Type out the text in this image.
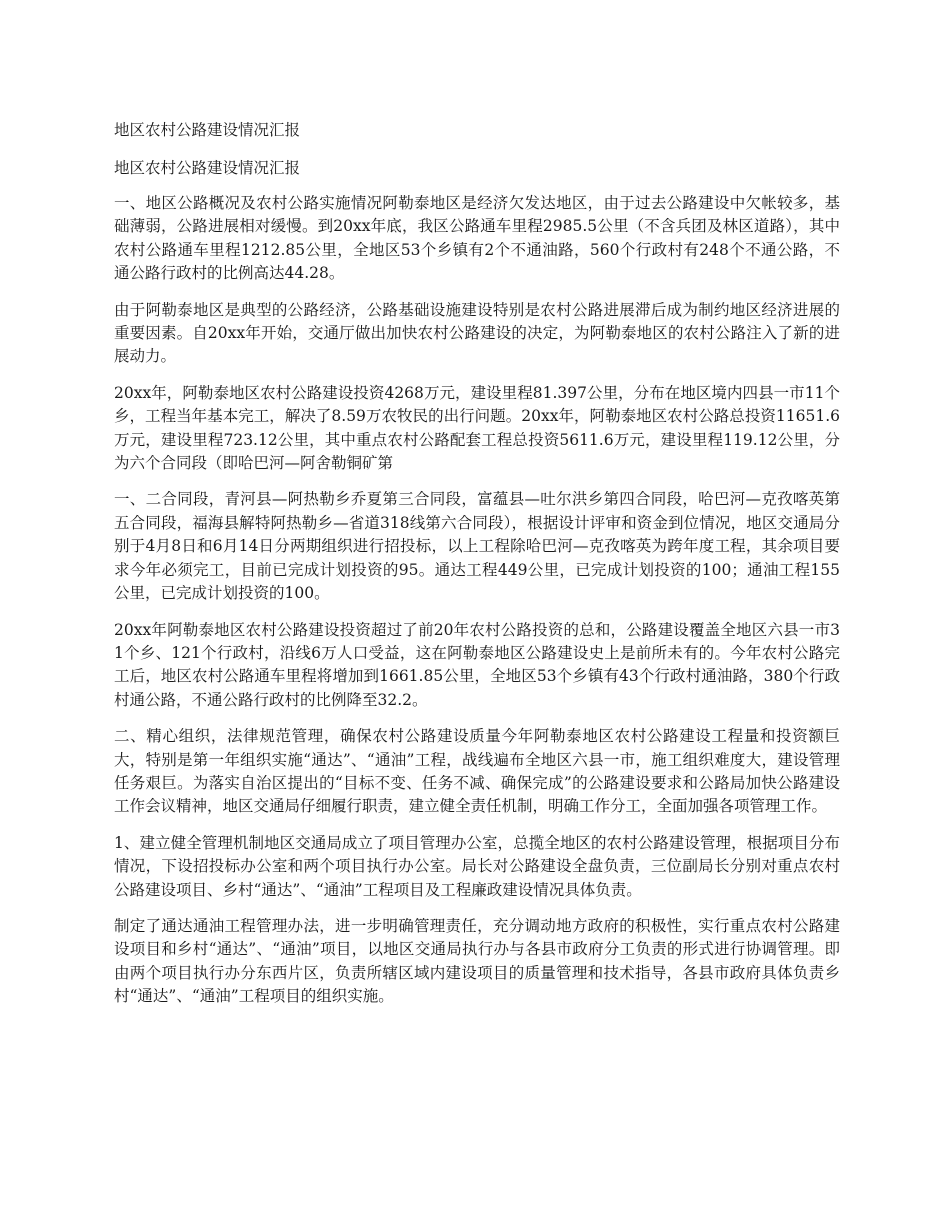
地区农村公路建设情况汇报
地区农村公路建设情况汇报

一、地区公路概况及农村公路实施情况阿勒泰地区是经济欠发达地区，由于过去公路建设中欠帐较多，基础薄弱，公路进展相对缓慢。到20xx年底，我区公路通车里程2985.5公里（不含兵团及林区道路），其中农村公路通车里程1212.85公里，全地区53个乡镇有2个不通油路，560个行政村有248个不通公路，不通公路行政村的比例高达44.28。

由于阿勒泰地区是典型的公路经济，公路基础设施建设特别是农村公路进展滞后成为制约地区经济进展的重要因素。自20xx年开始，交通厅做出加快农村公路建设的决定，为阿勒泰地区的农村公路注入了新的进展动力。

20xx年，阿勒泰地区农村公路建设投资4268万元，建设里程81.397公里，分布在地区境内四县一市11个乡，工程当年基本完工，解决了8.59万农牧民的出行问题。20xx年，阿勒泰地区农村公路总投资11651.6万元，建设里程723.12公里，其中重点农村公路配套工程总投资5611.6万元，建设里程119.12公里，分为六个合同段（即哈巴河—阿舍勒铜矿第

一、二合同段，青河县—阿热勒乡乔夏第三合同段，富蕴县—吐尔洪乡第四合同段，哈巴河—克孜喀英第五合同段，福海县解特阿热勒乡—省道318线第六合同段），根据设计评审和资金到位情况，地区交通局分别于4月8日和6月14日分两期组织进行招投标，以上工程除哈巴河—克孜喀英为跨年度工程，其余项目要求今年必须完工，目前已完成计划投资的95。通达工程449公里，已完成计划投资的100；通油工程155公里，已完成计划投资的100。

20xx年阿勒泰地区农村公路建设投资超过了前20年农村公路投资的总和，公路建设覆盖全地区六县一市31个乡、121个行政村，沿线6万人口受益，这在阿勒泰地区公路建设史上是前所未有的。今年农村公路完工后，地区农村公路通车里程将增加到1661.85公里，全地区53个乡镇有43个行政村通油路，380个行政村通公路，不通公路行政村的比例降至32.2。

二、精心组织，法律规范管理，确保农村公路建设质量今年阿勒泰地区农村公路建设工程量和投资额巨大，特别是第一年组织实施“通达”、“通油”工程，战线遍布全地区六县一市，施工组织难度大，建设管理任务艰巨。为落实自治区提出的“目标不变、任务不减、确保完成”的公路建设要求和公路局加快公路建设工作会议精神，地区交通局仔细履行职责，建立健全责任机制，明确工作分工，全面加强各项管理工作。

1、建立健全管理机制地区交通局成立了项目管理办公室，总揽全地区的农村公路建设管理，根据项目分布情况，下设招投标办公室和两个项目执行办公室。局长对公路建设全盘负责，三位副局长分别对重点农村公路建设项目、乡村“通达”、“通油”工程项目及工程廉政建设情况具体负责。

制定了通达通油工程管理办法，进一步明确管理责任，充分调动地方政府的积极性，实行重点农村公路建设项目和乡村“通达”、“通油”项目，以地区交通局执行办与各县市政府分工负责的形式进行协调管理。即由两个项目执行办分东西片区，负责所辖区域内建设项目的质量管理和技术指导，各县市政府具体负责乡村“通达”、“通油”工程项目的组织实施。
